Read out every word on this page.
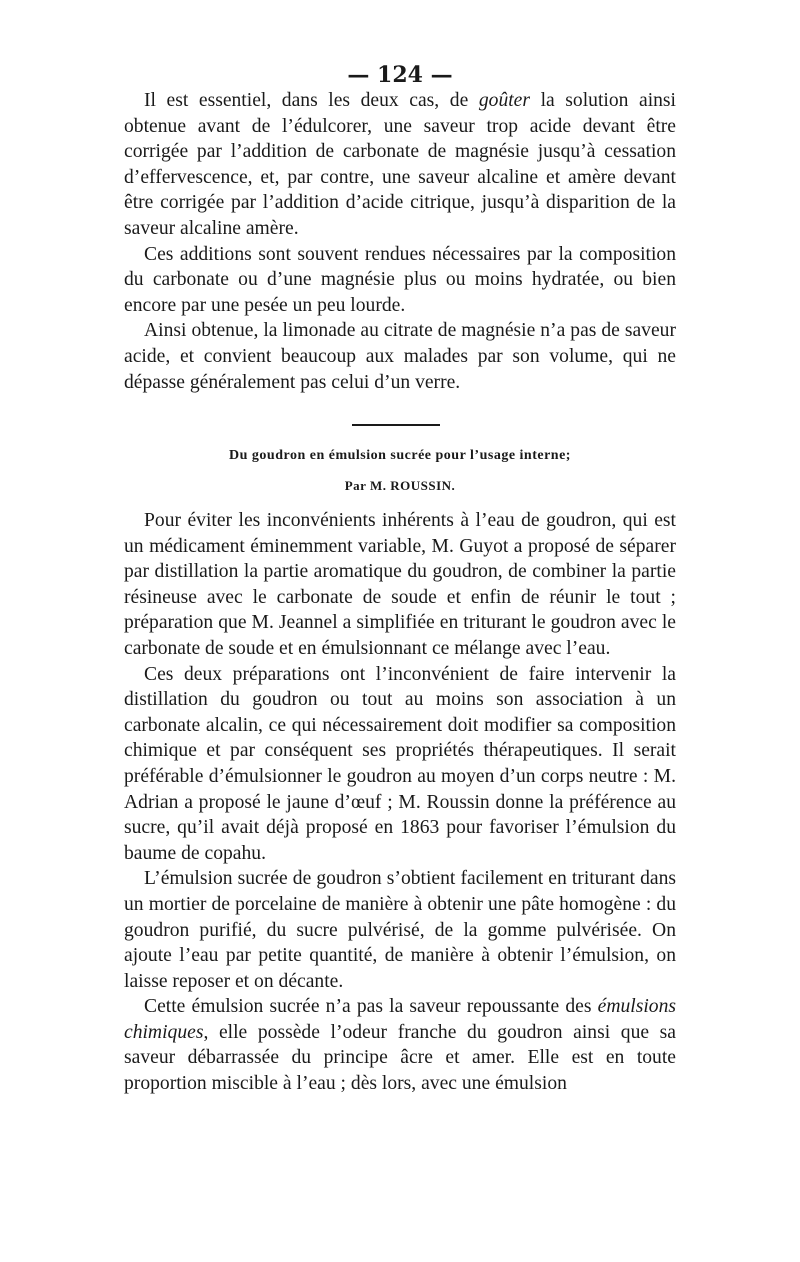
— 124 —

Il est essentiel, dans les deux cas, de goûter la solution ainsi obtenue avant de l’édulcorer, une saveur trop acide devant être corrigée par l’addition de carbonate de magnésie jusqu’à cessation d’effervescence, et, par contre, une saveur alcaline et amère devant être corrigée par l’addition d’acide citrique, jusqu’à disparition de la saveur alcaline amère.

Ces additions sont souvent rendues nécessaires par la composition du carbonate ou d’une magnésie plus ou moins hydratée, ou bien encore par une pesée un peu lourde.

Ainsi obtenue, la limonade au citrate de magnésie n’a pas de saveur acide, et convient beaucoup aux malades par son volume, qui ne dépasse généralement pas celui d’un verre.

Du goudron en émulsion sucrée pour l’usage interne;
Par M. ROUSSIN.

Pour éviter les inconvénients inhérents à l’eau de goudron, qui est un médicament éminemment variable, M. Guyot a proposé de séparer par distillation la partie aromatique du goudron, de combiner la partie résineuse avec le carbonate de soude et enfin de réunir le tout ; préparation que M. Jeannel a simplifiée en triturant le goudron avec le carbonate de soude et en émulsionnant ce mélange avec l’eau.

Ces deux préparations ont l’inconvénient de faire intervenir la distillation du goudron ou tout au moins son association à un carbonate alcalin, ce qui nécessairement doit modifier sa composition chimique et par conséquent ses propriétés thérapeutiques. Il serait préférable d’émulsionner le goudron au moyen d’un corps neutre : M. Adrian a proposé le jaune d’œuf ; M. Roussin donne la préférence au sucre, qu’il avait déjà proposé en 1863 pour favoriser l’émulsion du baume de copahu.

L’émulsion sucrée de goudron s’obtient facilement en triturant dans un mortier de porcelaine de manière à obtenir une pâte homogène : du goudron purifié, du sucre pulvérisé, de la gomme pulvérisée. On ajoute l’eau par petite quantité, de manière à obtenir l’émulsion, on laisse reposer et on décante.

Cette émulsion sucrée n’a pas la saveur repoussante des émulsions chimiques, elle possède l’odeur franche du goudron ainsi que sa saveur débarrassée du principe âcre et amer. Elle est en toute proportion miscible à l’eau ; dès lors, avec une émulsion
